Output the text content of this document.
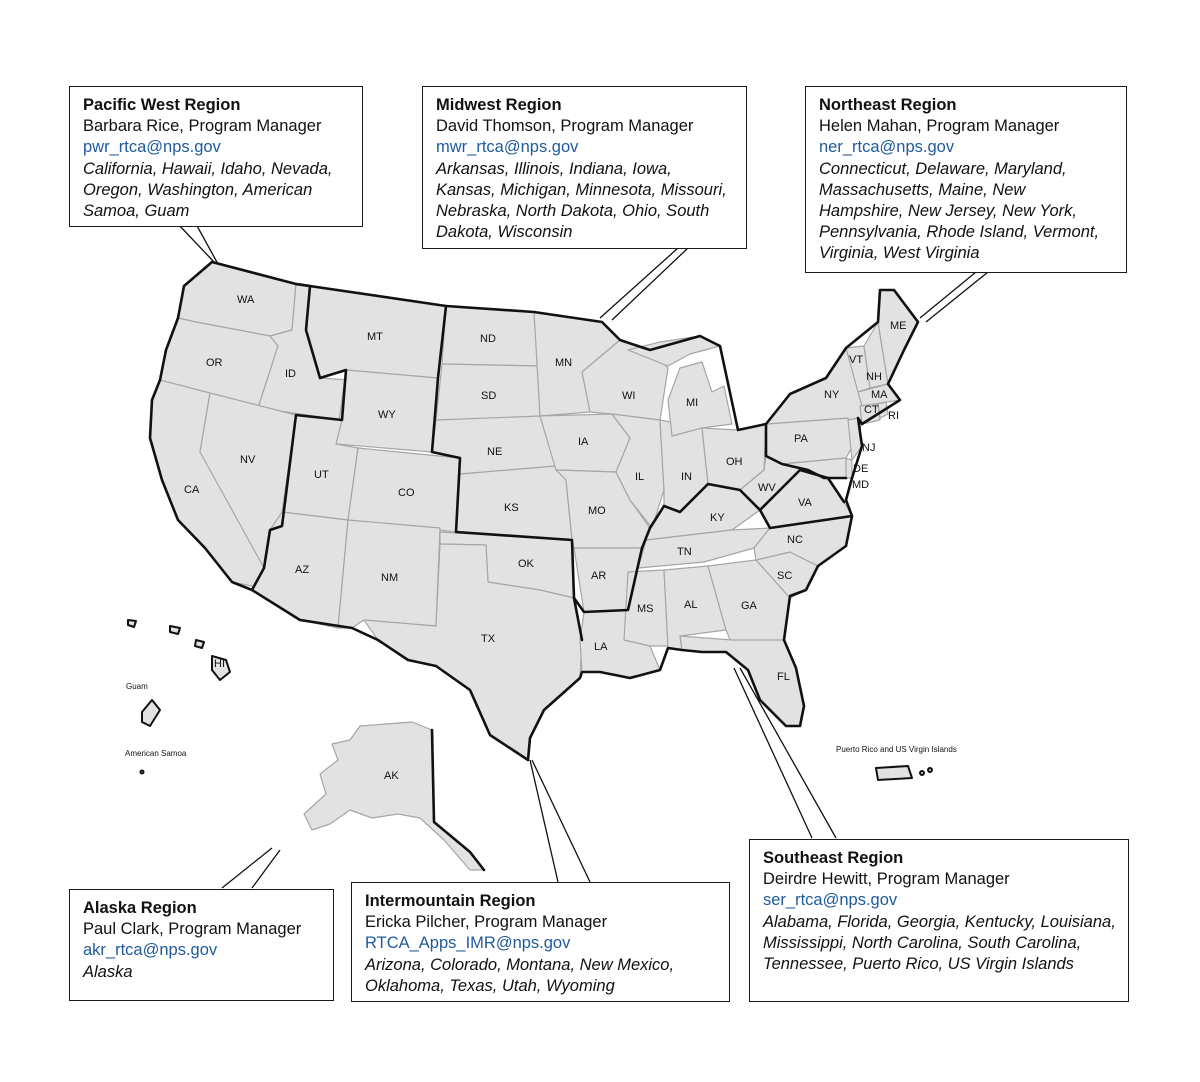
WA
OR
CA
ID
NV
MT
WY
UT
CO
AZ
NM
ND
SD
NE
KS
OK
TX
MN
IA
MO
AR
LA
WI
IL
MI
IN
OH
KY
TN
MS	AL	GA
FL
SC
NC
VA
WV
PA
NY
VT
NH
ME
MA
CT RI
NJ
DE
MD
AK
HI
Guam
American Samoa	Puerto Rico and US Virgin Islands
Pacific West Region
Barbara Rice, Program Manager
pwr_rtca@nps.gov
California, Hawaii, Idaho, Nevada, Oregon, Washington, American Samoa, Guam
Midwest Region
David Thomson, Program Manager
mwr_rtca@nps.gov
Arkansas, Illinois, Indiana, Iowa, Kansas, Michigan, Minnesota, Missouri, Nebraska, North Dakota, Ohio, South Dakota, Wisconsin
Northeast Region
Helen Mahan, Program Manager
ner_rtca@nps.gov
Connecticut, Delaware, Maryland, Massachusetts, Maine, New Hampshire, New Jersey, New York, Pennsylvania, Rhode Island, Vermont, Virginia, West Virginia
Alaska Region
Paul Clark, Program Manager
akr_rtca@nps.gov
Alaska
Intermountain Region
Ericka Pilcher, Program Manager
RTCA_Apps_IMR@nps.gov
Arizona, Colorado, Montana, New Mexico, Oklahoma, Texas, Utah, Wyoming
Southeast Region
Deirdre Hewitt, Program Manager
ser_rtca@nps.gov
Alabama, Florida, Georgia, Kentucky, Louisiana, Mississippi, North Carolina, South Carolina, Tennessee, Puerto Rico, US Virgin Islands
